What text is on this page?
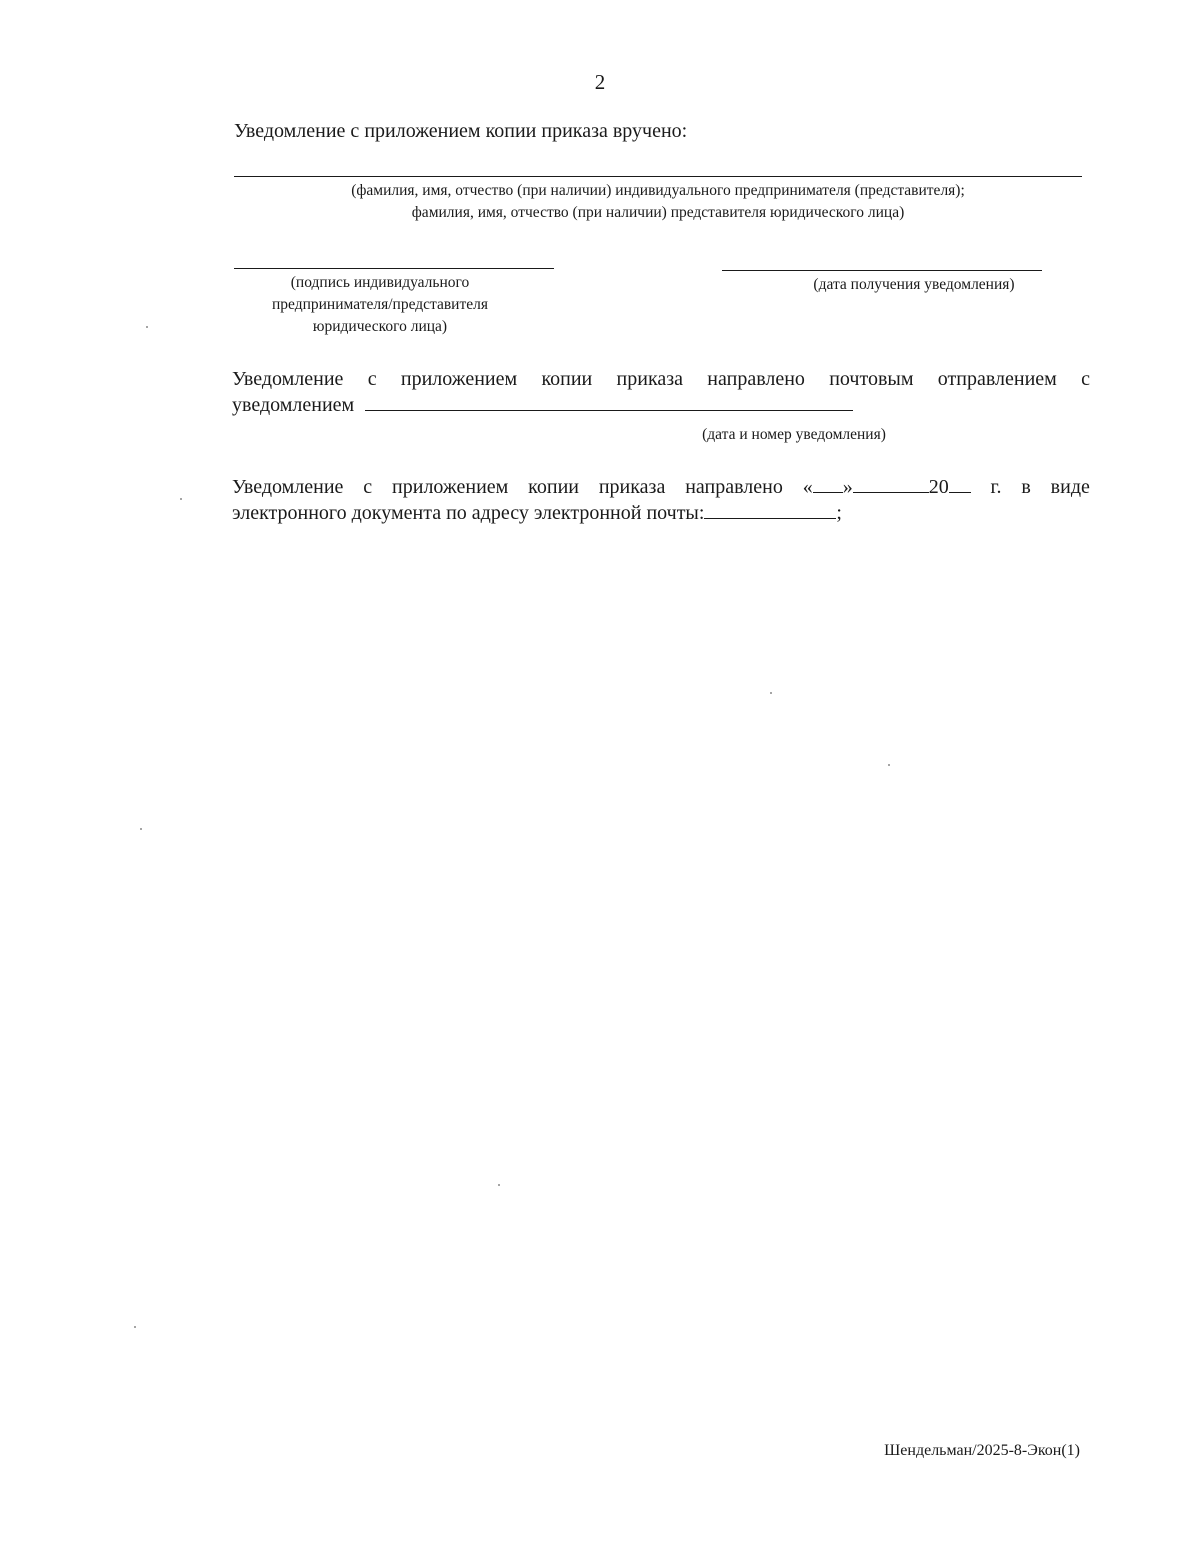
2
Уведомление с приложением копии приказа вручено:
(фамилия, имя, отчество (при наличии) индивидуального предпринимателя (представителя);
фамилия, имя, отчество (при наличии) представителя юридического лица)
(подпись индивидуального
предпринимателя/представителя
юридического лица)
(дата получения уведомления)
Уведомление с приложением копии приказа направлено почтовым отправлением с
уведомлением
(дата и номер уведомления)
Уведомление с приложением копии приказа направлено « »	20	г. в виде
электронного документа по адресу электронной почты:	;
Шендельман/2025-8-Экон(1)
